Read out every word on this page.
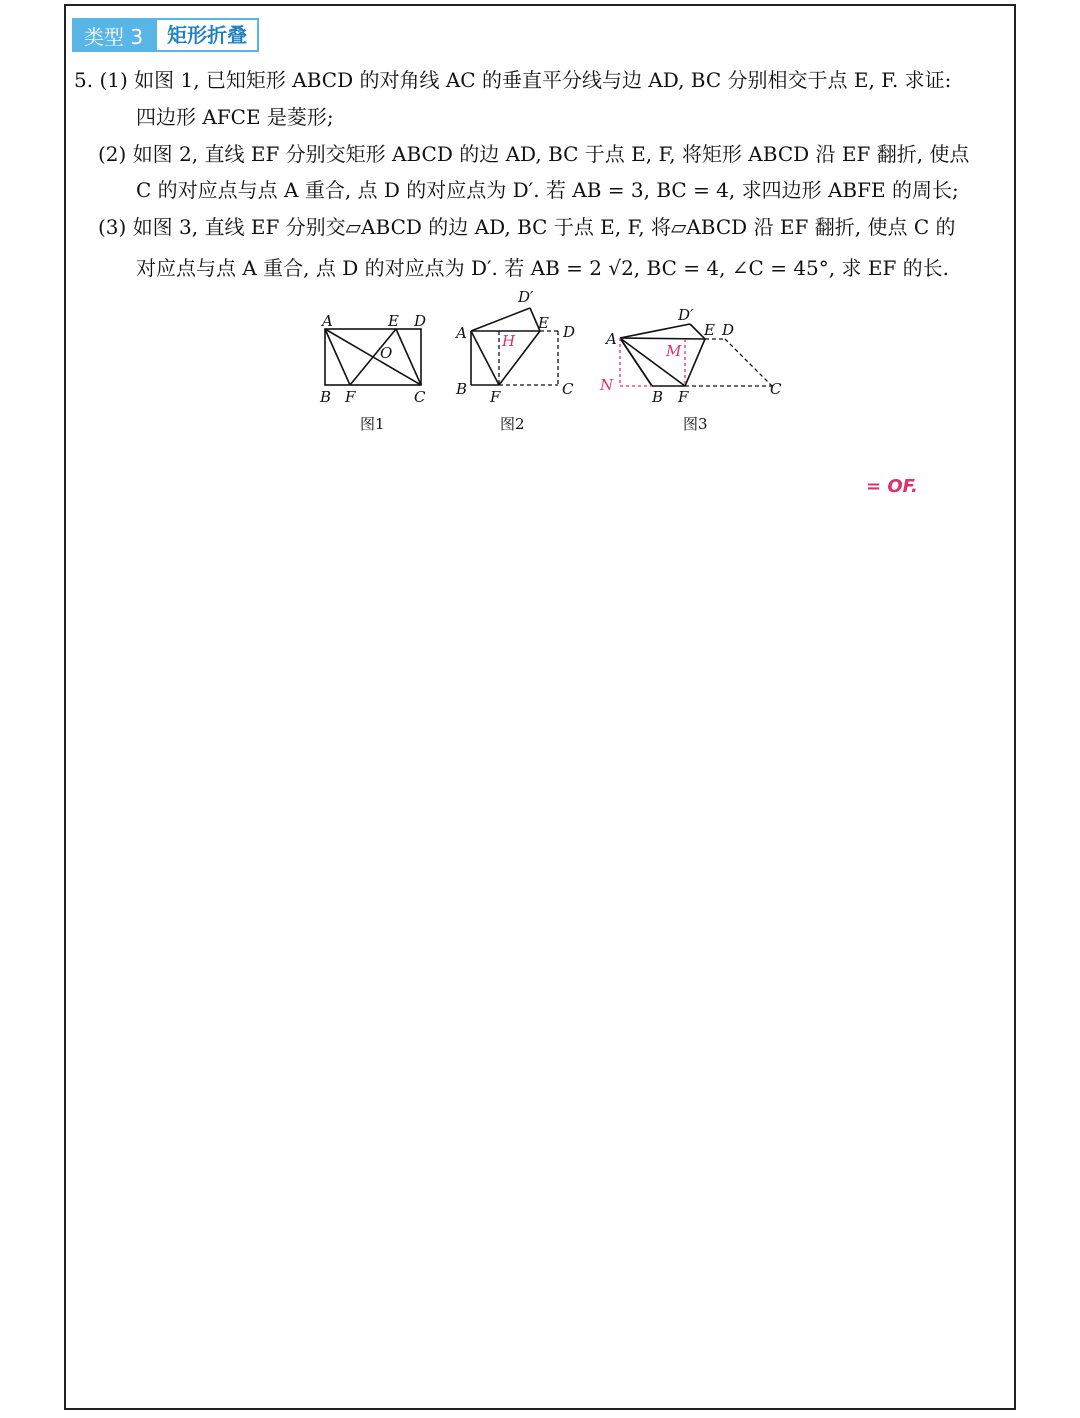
类型 3	矩形折叠
5. (1) 如图 1, 已知矩形 ABCD 的对角线 AC 的垂直平分线与边 AD, BC 分别相交于点 E, F. 求证:
四边形 AFCE 是菱形;
(2) 如图 2, 直线 EF 分别交矩形 ABCD 的边 AD, BC 于点 E, F, 将矩形 ABCD 沿 EF 翻折, 使点
C 的对应点与点 A 重合, 点 D 的对应点为 D′. 若 AB = 3, BC = 4, 求四边形 ABFE 的周长;
(3) 如图 3, 直线 EF 分别交▱ABCD 的边 AD, BC 于点 E, F, 将▱ABCD 沿 EF 翻折, 使点 C 的
对应点与点 A 重合, 点 D 的对应点为 D′. 若 AB = 2 √2, BC = 4, ∠C = 45°, 求 EF 的长.
A	E D
O
B F	C
图1
D′
A
E D
H
B F	C
图2
D′
A	E D
M
N
B F	C
图3
= OF.
